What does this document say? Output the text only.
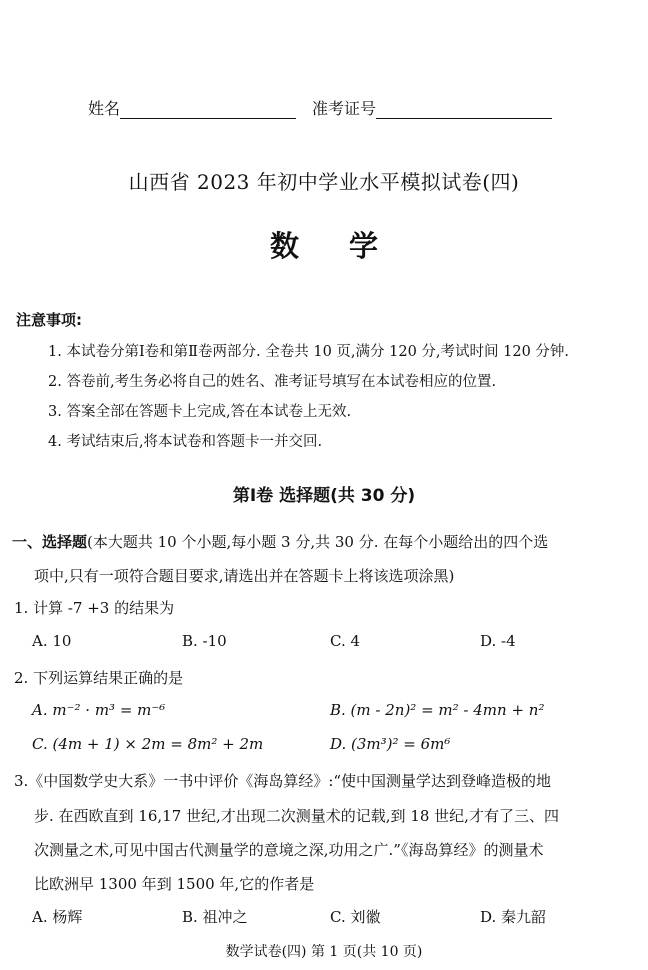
姓名	准考证号
山西省 2023 年初中学业水平模拟试卷(四)
数 学
注意事项:
1. 本试卷分第Ⅰ卷和第Ⅱ卷两部分. 全卷共 10 页,满分 120 分,考试时间 120 分钟.
2. 答卷前,考生务必将自己的姓名、准考证号填写在本试卷相应的位置.
3. 答案全部在答题卡上完成,答在本试卷上无效.
4. 考试结束后,将本试卷和答题卡一并交回.
第Ⅰ卷 选择题(共 30 分)
一、选择题(本大题共 10 个小题,每小题 3 分,共 30 分. 在每个小题给出的四个选
项中,只有一项符合题目要求,请选出并在答题卡上将该选项涂黑)
1. 计算 -7 +3 的结果为
A. 10	B. -10	C. 4	D. -4
2. 下列运算结果正确的是
A. m⁻² · m³ = m⁻⁶	B. (m - 2n)² = m² - 4mn + n²
C. (4m + 1) × 2m = 8m² + 2m	D. (3m³)² = 6m⁶
3.《中国数学史大系》一书中评价《海岛算经》:“使中国测量学达到登峰造极的地
步. 在西欧直到 16,17 世纪,才出现二次测量术的记载,到 18 世纪,才有了三、四
次测量之术,可见中国古代测量学的意境之深,功用之广.”《海岛算经》的测量术
比欧洲早 1300 年到 1500 年,它的作者是
A. 杨辉	B. 祖冲之	C. 刘徽	D. 秦九韶
数学试卷(四) 第 1 页(共 10 页)
